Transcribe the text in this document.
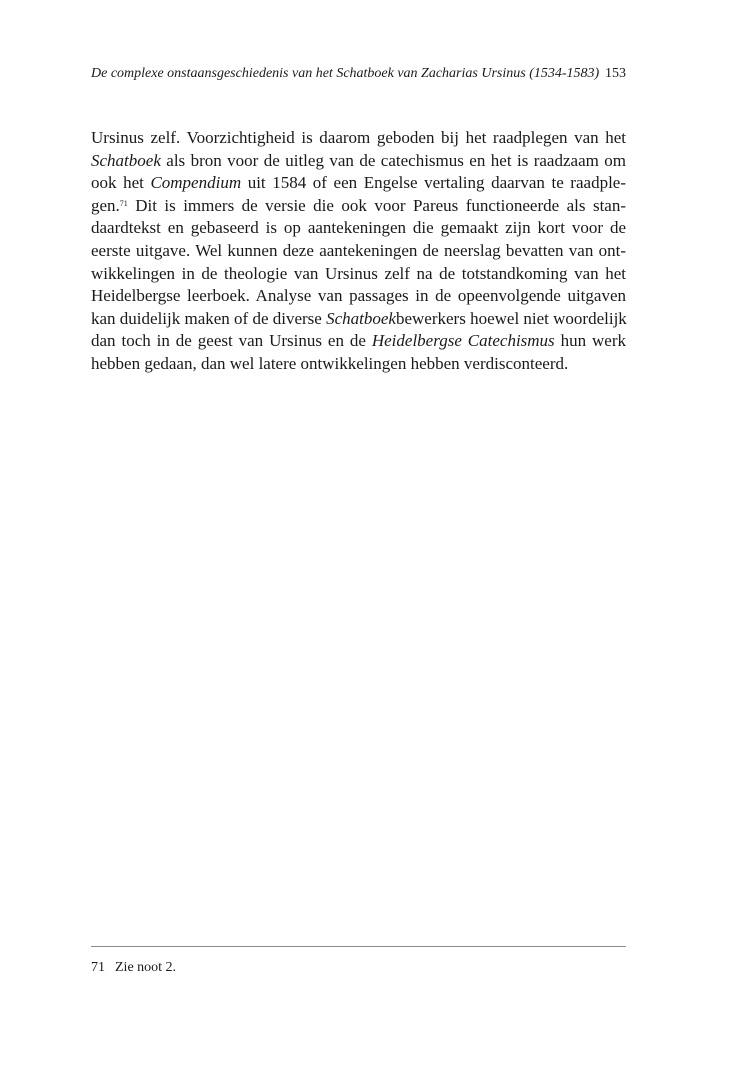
De complexe onstaansgeschiedenis van het Schatboek van Zacharias Ursinus (1534-1583) 153
Ursinus zelf. Voorzichtigheid is daarom geboden bij het raadplegen van het
Schatboek als bron voor de uitleg van de catechismus en het is raadzaam om
ook het Compendium uit 1584 of een Engelse vertaling daarvan te raadple-
gen.$^{71}$ Dit is immers de versie die ook voor Pareus functioneerde als stan-
daardtekst en gebaseerd is op aantekeningen die gemaakt zijn kort voor de
eerste uitgave. Wel kunnen deze aantekeningen de neerslag bevatten van ont-
wikkelingen in de theologie van Ursinus zelf na de totstandkoming van het
Heidelbergse leerboek. Analyse van passages in de opeenvolgende uitgaven
kan duidelijk maken of de diverse Schatboekbewerkers hoewel niet woordelijk
dan toch in de geest van Ursinus en de Heidelbergse Catechismus hun werk
hebben gedaan, dan wel latere ontwikkelingen hebben verdisconteerd.
71 Zie noot 2.
